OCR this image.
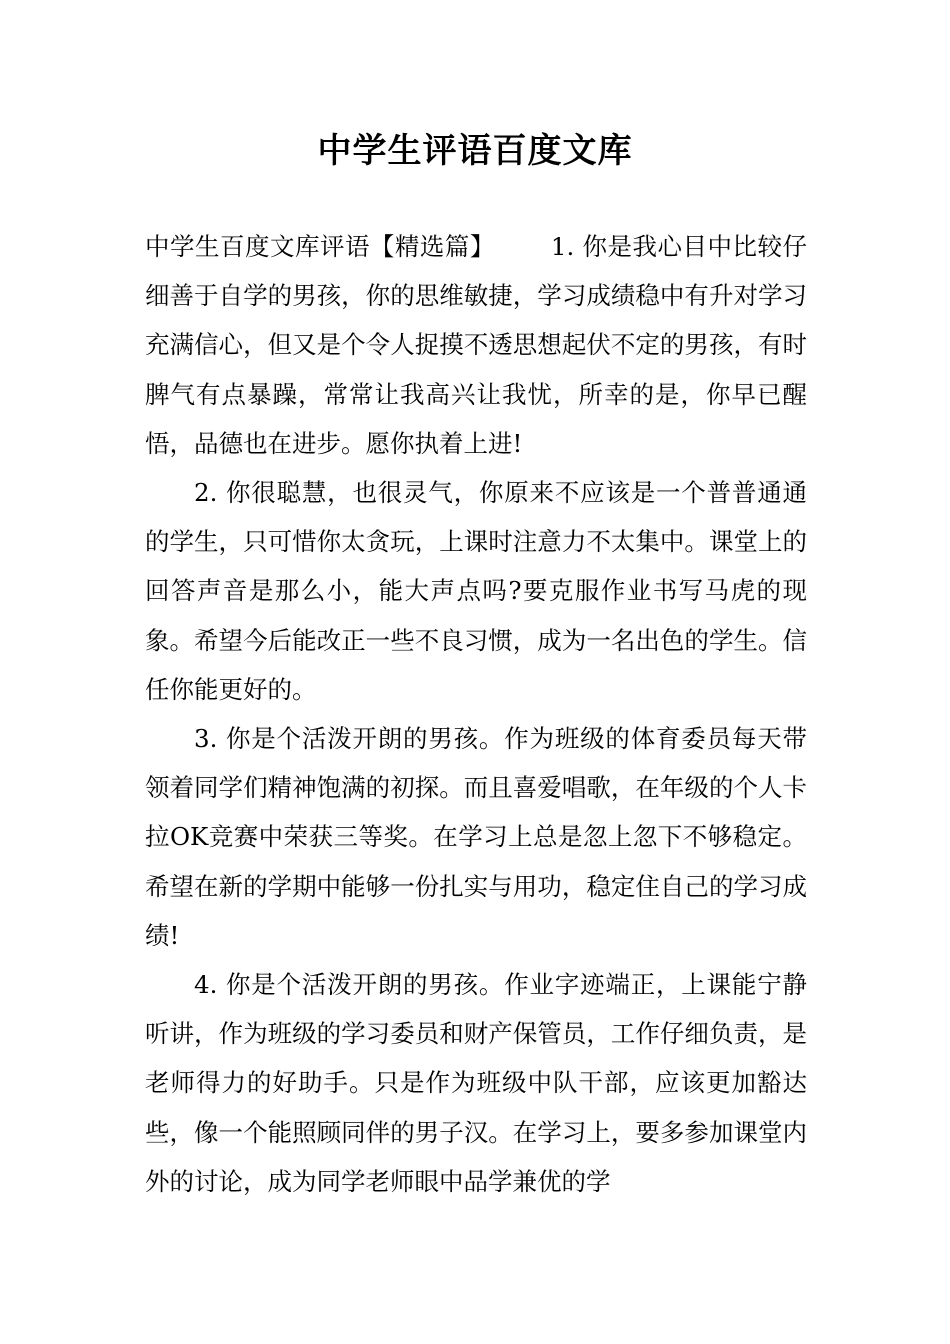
中学生评语百度文库

中学生百度文库评语【精选篇】 1. 你是我心目中比较仔细善于自学的男孩，你的思维敏捷，学习成绩稳中有升对学习充满信心，但又是个令人捉摸不透思想起伏不定的男孩，有时脾气有点暴躁，常常让我高兴让我忧，所幸的是，你早已醒悟，品德也在进步。愿你执着上进!

2. 你很聪慧，也很灵气，你原来不应该是一个普普通通的学生，只可惜你太贪玩，上课时注意力不太集中。课堂上的回答声音是那么小，能大声点吗?要克服作业书写马虎的现象。希望今后能改正一些不良习惯，成为一名出色的学生。信任你能更好的。

3. 你是个活泼开朗的男孩。作为班级的体育委员每天带领着同学们精神饱满的初探。而且喜爱唱歌，在年级的个人卡拉OK竞赛中荣获三等奖。在学习上总是忽上忽下不够稳定。希望在新的学期中能够一份扎实与用功，稳定住自己的学习成绩!

4. 你是个活泼开朗的男孩。作业字迹端正，上课能宁静听讲，作为班级的学习委员和财产保管员，工作仔细负责，是老师得力的好助手。只是作为班级中队干部，应该更加豁达些，像一个能照顾同伴的男子汉。在学习上，要多参加课堂内外的讨论，成为同学老师眼中品学兼优的学
